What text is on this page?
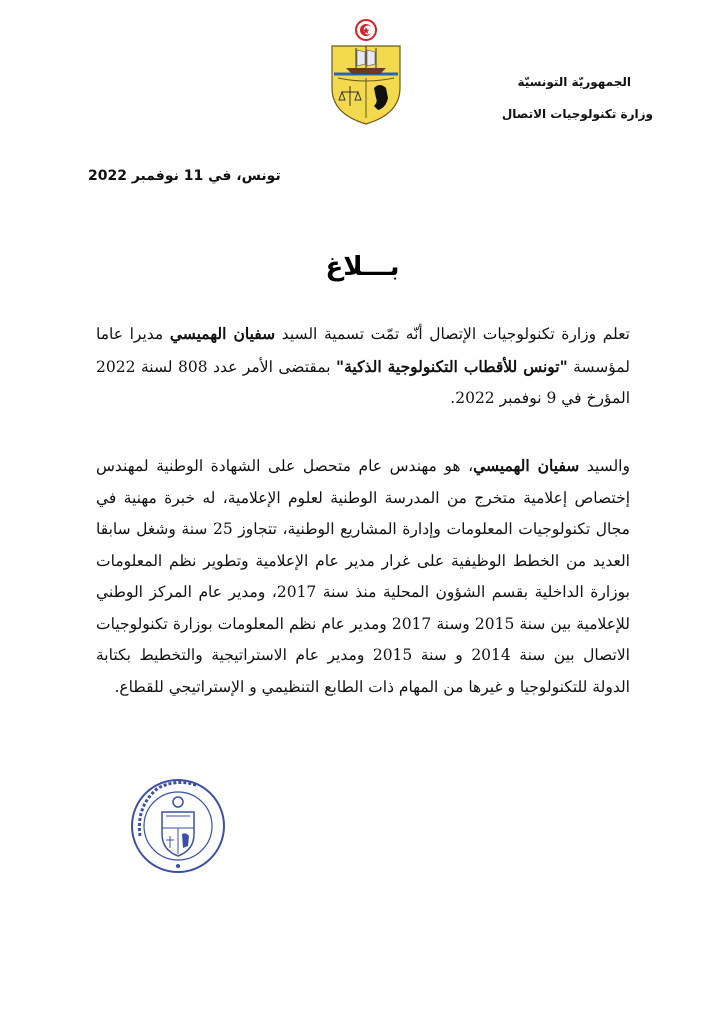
الجمهوريّة التونسيّة
وزارة تكنولوجيات الاتصال
تونس، في 11 نوفمبر 2022
بـــلاغ
تعلم وزارة تكنولوجيات الإتصال أنّه تمّت تسمية السيد سفيان الهميسي مديرا عاما لمؤسسة "تونس للأقطاب التكنولوجية الذكية" بمقتضى الأمر عدد 808 لسنة 2022 المؤرخ في 9 نوفمبر 2022.
والسيد سفيان الهميسي، هو مهندس عام متحصل على الشهادة الوطنية لمهندس إختصاص إعلامية متخرج من المدرسة الوطنية لعلوم الإعلامية، له خبرة مهنية في مجال تكنولوجيات المعلومات وإدارة المشاريع الوطنية، تتجاوز 25 سنة وشغل سابقا العديد من الخطط الوظيفية على غرار مدير عام الإعلامية وتطوير نظم المعلومات بوزارة الداخلية بقسم الشؤون المحلية منذ سنة 2017، ومدير عام المركز الوطني للإعلامية بين سنة 2015 وسنة 2017 ومدير عام نظم المعلومات بوزارة تكنولوجيات الاتصال بين سنة 2014 و سنة 2015 ومدير عام الاستراتيجية والتخطيط بكتابة الدولة للتكنولوجيا و غيرها من المهام ذات الطابع التنظيمي و الإستراتيجي للقطاع.
